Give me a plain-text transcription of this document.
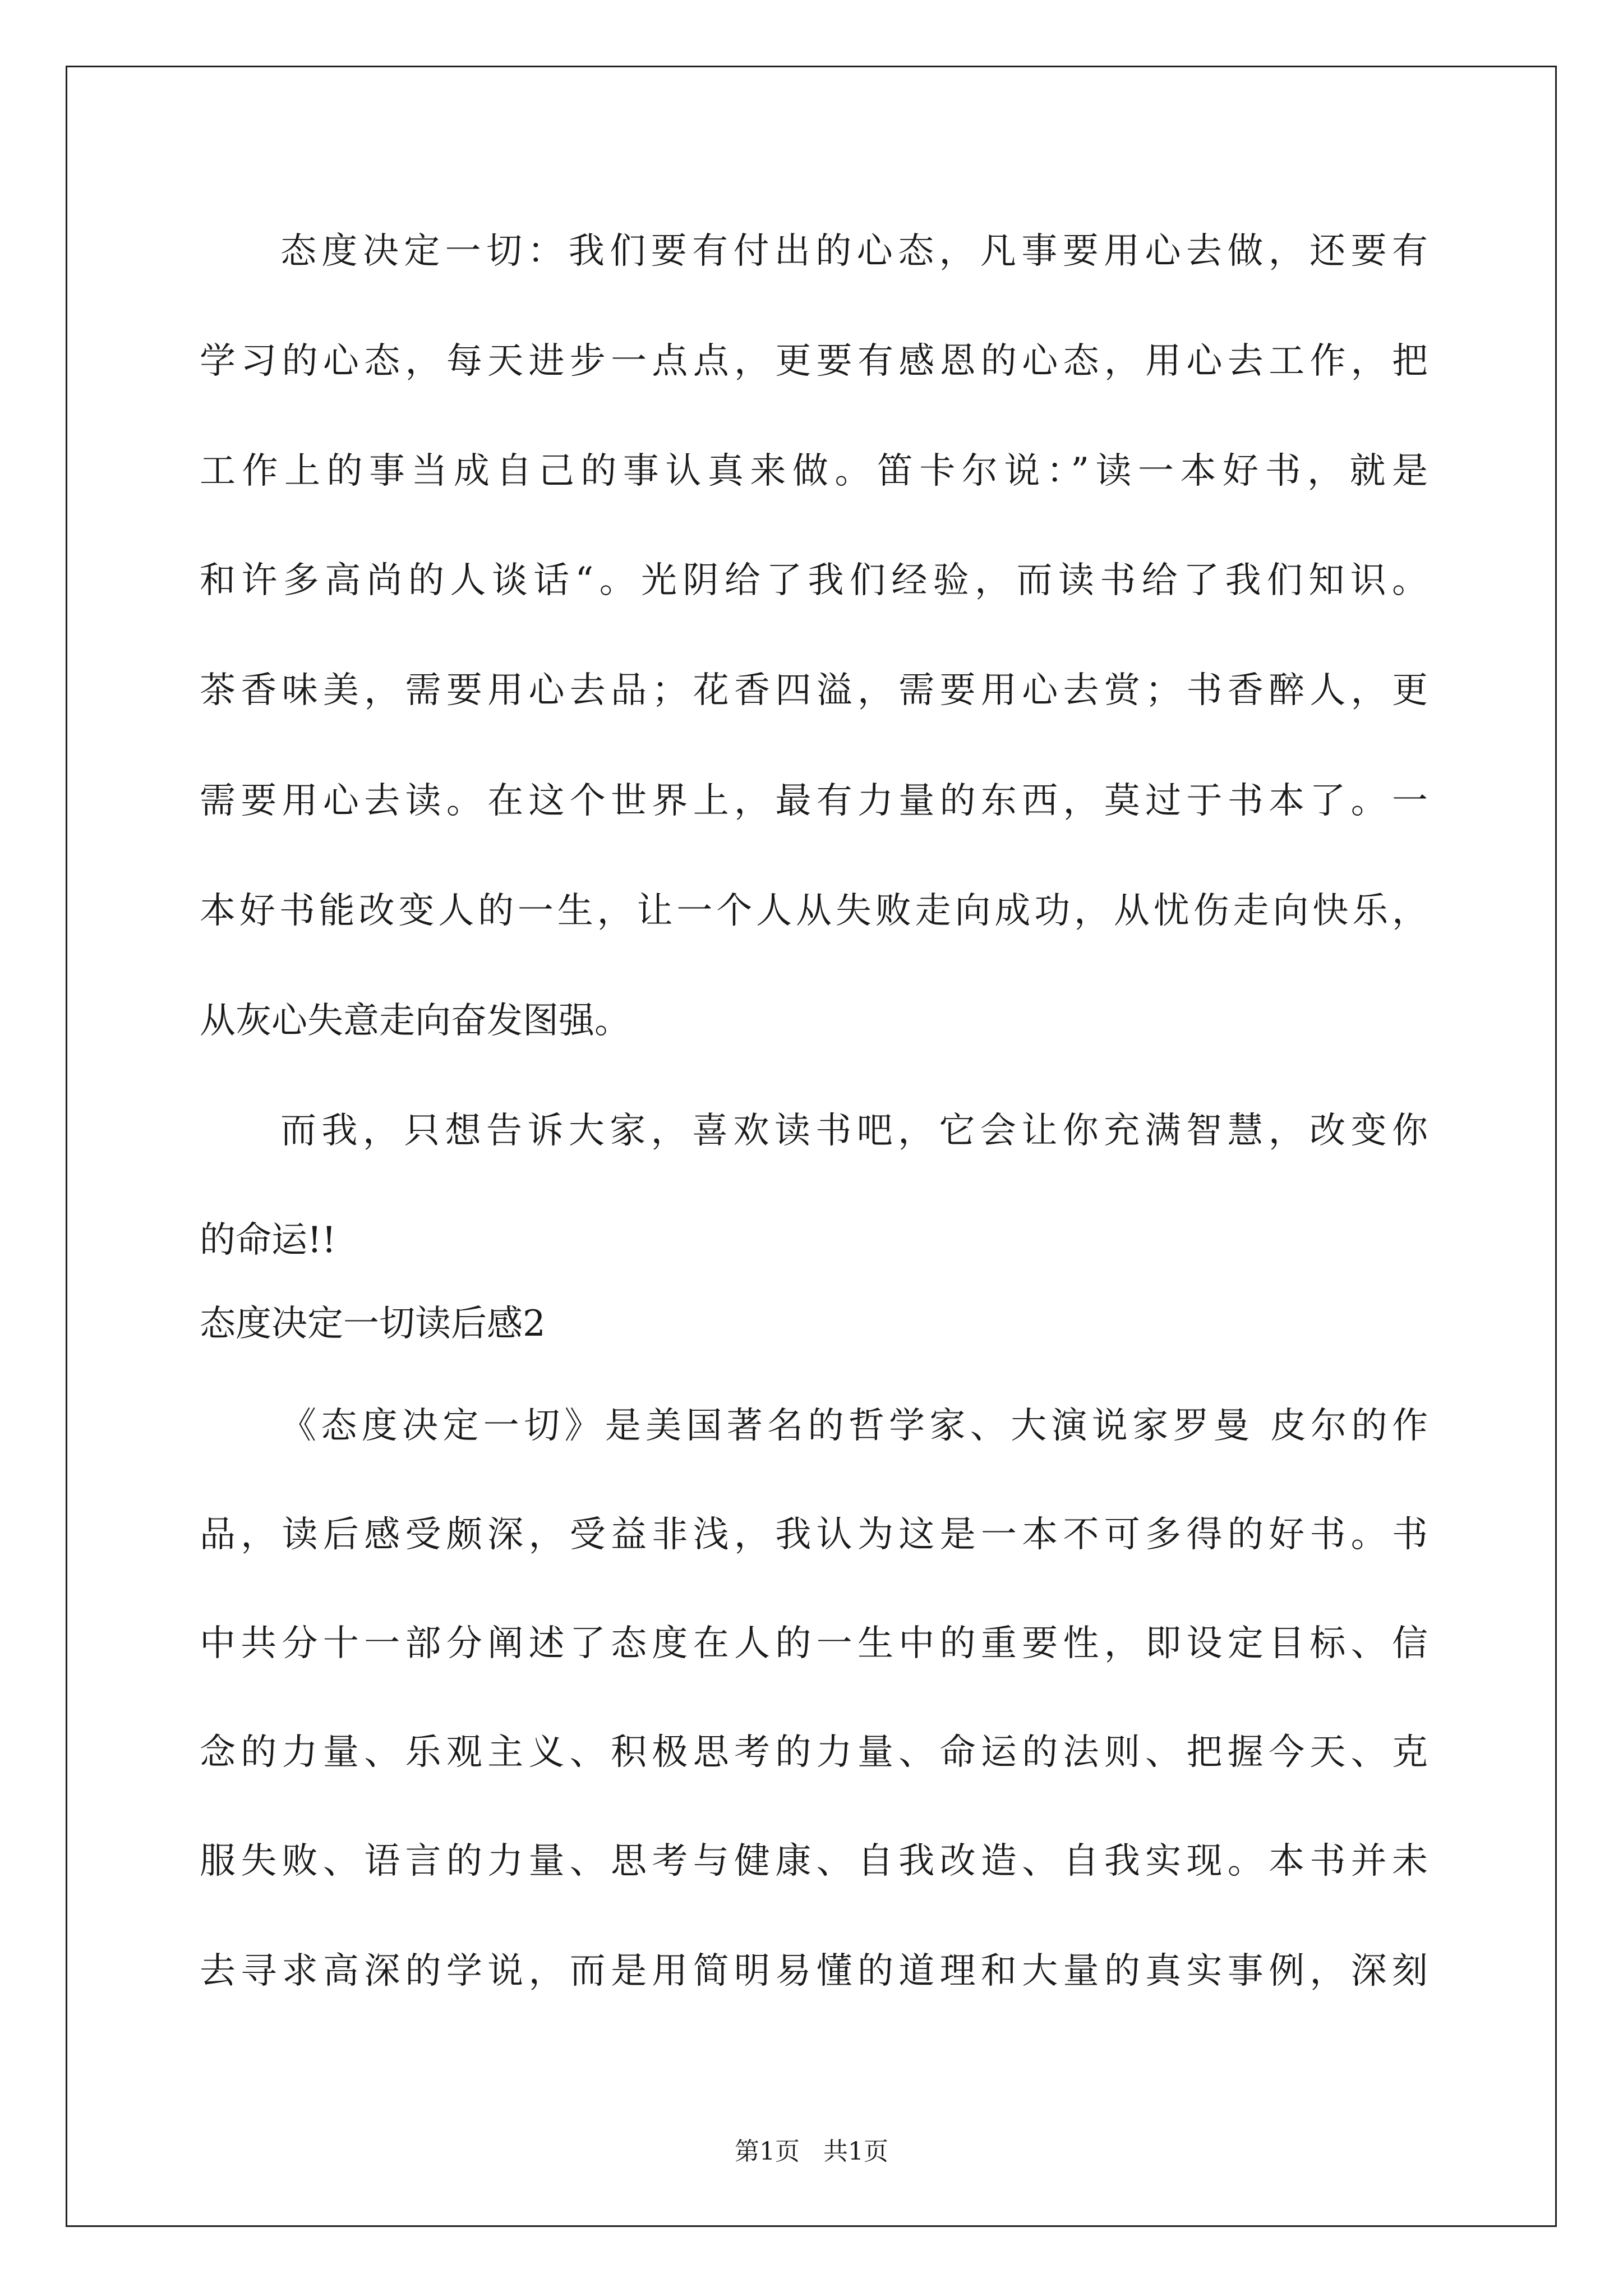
态度决定一切：我们要有付出的心态，凡事要用心去做，还要有
学习的心态，每天进步一点点，更要有感恩的心态，用心去工作，把
工作上的事当成自己的事认真来做。笛卡尔说：”读一本好书，就是
和许多高尚的人谈话“。光阴给了我们经验，而读书给了我们知识。
茶香味美，需要用心去品；花香四溢，需要用心去赏；书香醉人，更
需要用心去读。在这个世界上，最有力量的东西，莫过于书本了。一
本好书能改变人的一生，让一个人从失败走向成功，从忧伤走向快乐，
从灰心失意走向奋发图强。
而我，只想告诉大家，喜欢读书吧，它会让你充满智慧，改变你
的命运!!
态度决定一切读后感2
《态度决定一切》是美国著名的哲学家、大演说家罗曼 皮尔的作
品，读后感受颇深，受益非浅，我认为这是一本不可多得的好书。书
中共分十一部分阐述了态度在人的一生中的重要性，即设定目标、信
念的力量、乐观主义、积极思考的力量、命运的法则、把握今天、克
服失败、语言的力量、思考与健康、自我改造、自我实现。本书并未
去寻求高深的学说，而是用简明易懂的道理和大量的真实事例，深刻
第1页 共1页
